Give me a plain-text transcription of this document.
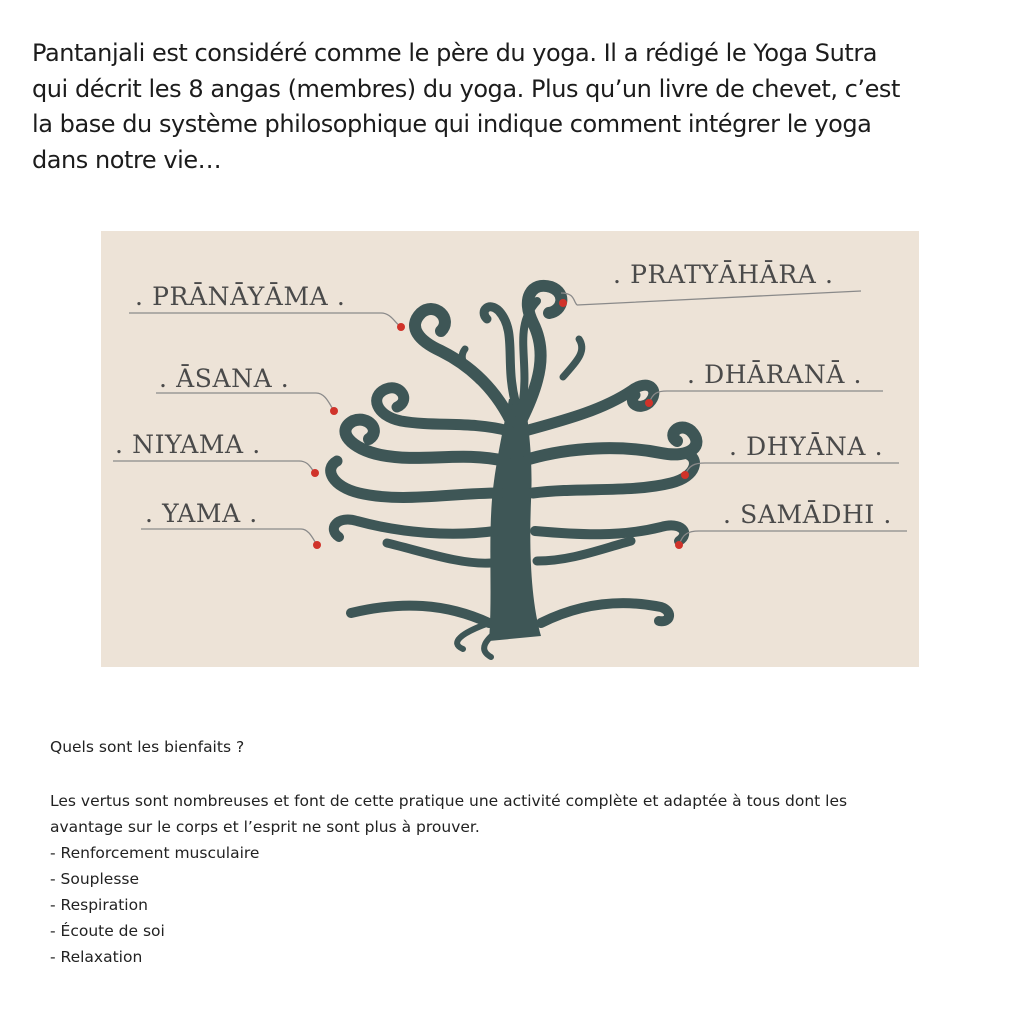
Pantanjali est considéré comme le père du yoga. Il a rédigé le Yoga Sutra
qui décrit les 8 angas (membres) du yoga. Plus qu’un livre de chevet, c’est
la base du système philosophique qui indique comment intégrer le yoga
dans notre vie…

. PRĀNĀYĀMA .
. ĀSANA .
. NIYAMA .
. YAMA .
. PRATYĀHĀRA .
. DHĀRANĀ .
. DHYĀNA .
. SAMĀDHI .

Quels sont les bienfaits ?

Les vertus sont nombreuses et font de cette pratique une activité complète et adaptée à tous dont les
avantage sur le corps et l’esprit ne sont plus à prouver.

- Renforcement musculaire
- Souplesse
- Respiration
- Écoute de soi
- Relaxation
